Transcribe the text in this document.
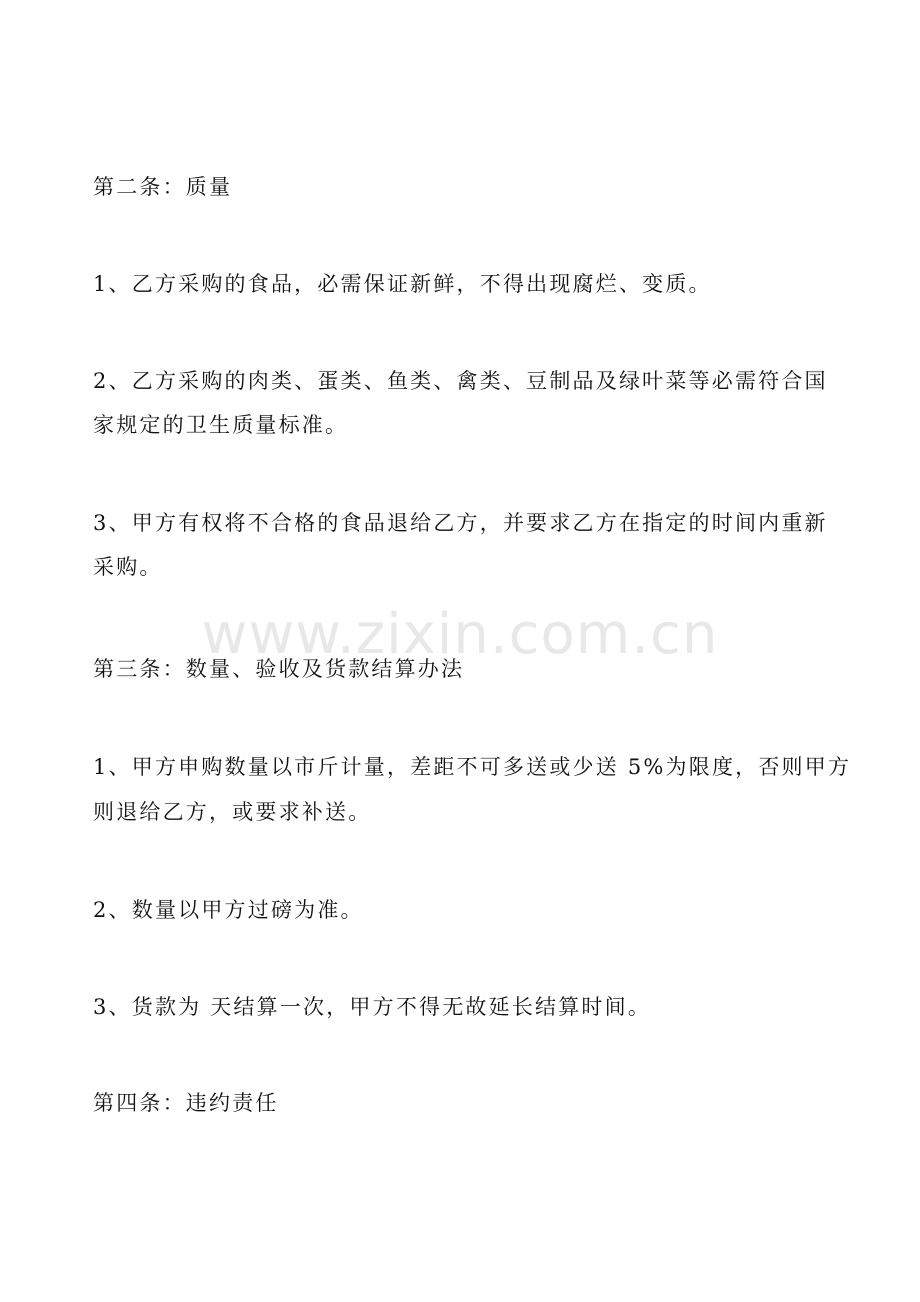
第二条：质量
1、乙方采购的食品，必需保证新鲜，不得出现腐烂、变质。
2、乙方采购的肉类、蛋类、鱼类、禽类、豆制品及绿叶菜等必需符合国
家规定的卫生质量标准。
3、甲方有权将不合格的食品退给乙方，并要求乙方在指定的时间内重新
采购。
第三条：数量、验收及货款结算办法
1、甲方申购数量以市斤计量，差距不可多送或少送 5%为限度，否则甲方
则退给乙方，或要求补送。
2、数量以甲方过磅为准。
3、货款为 天结算一次，甲方不得无故延长结算时间。
第四条：违约责任
www.zixin.com.cn
